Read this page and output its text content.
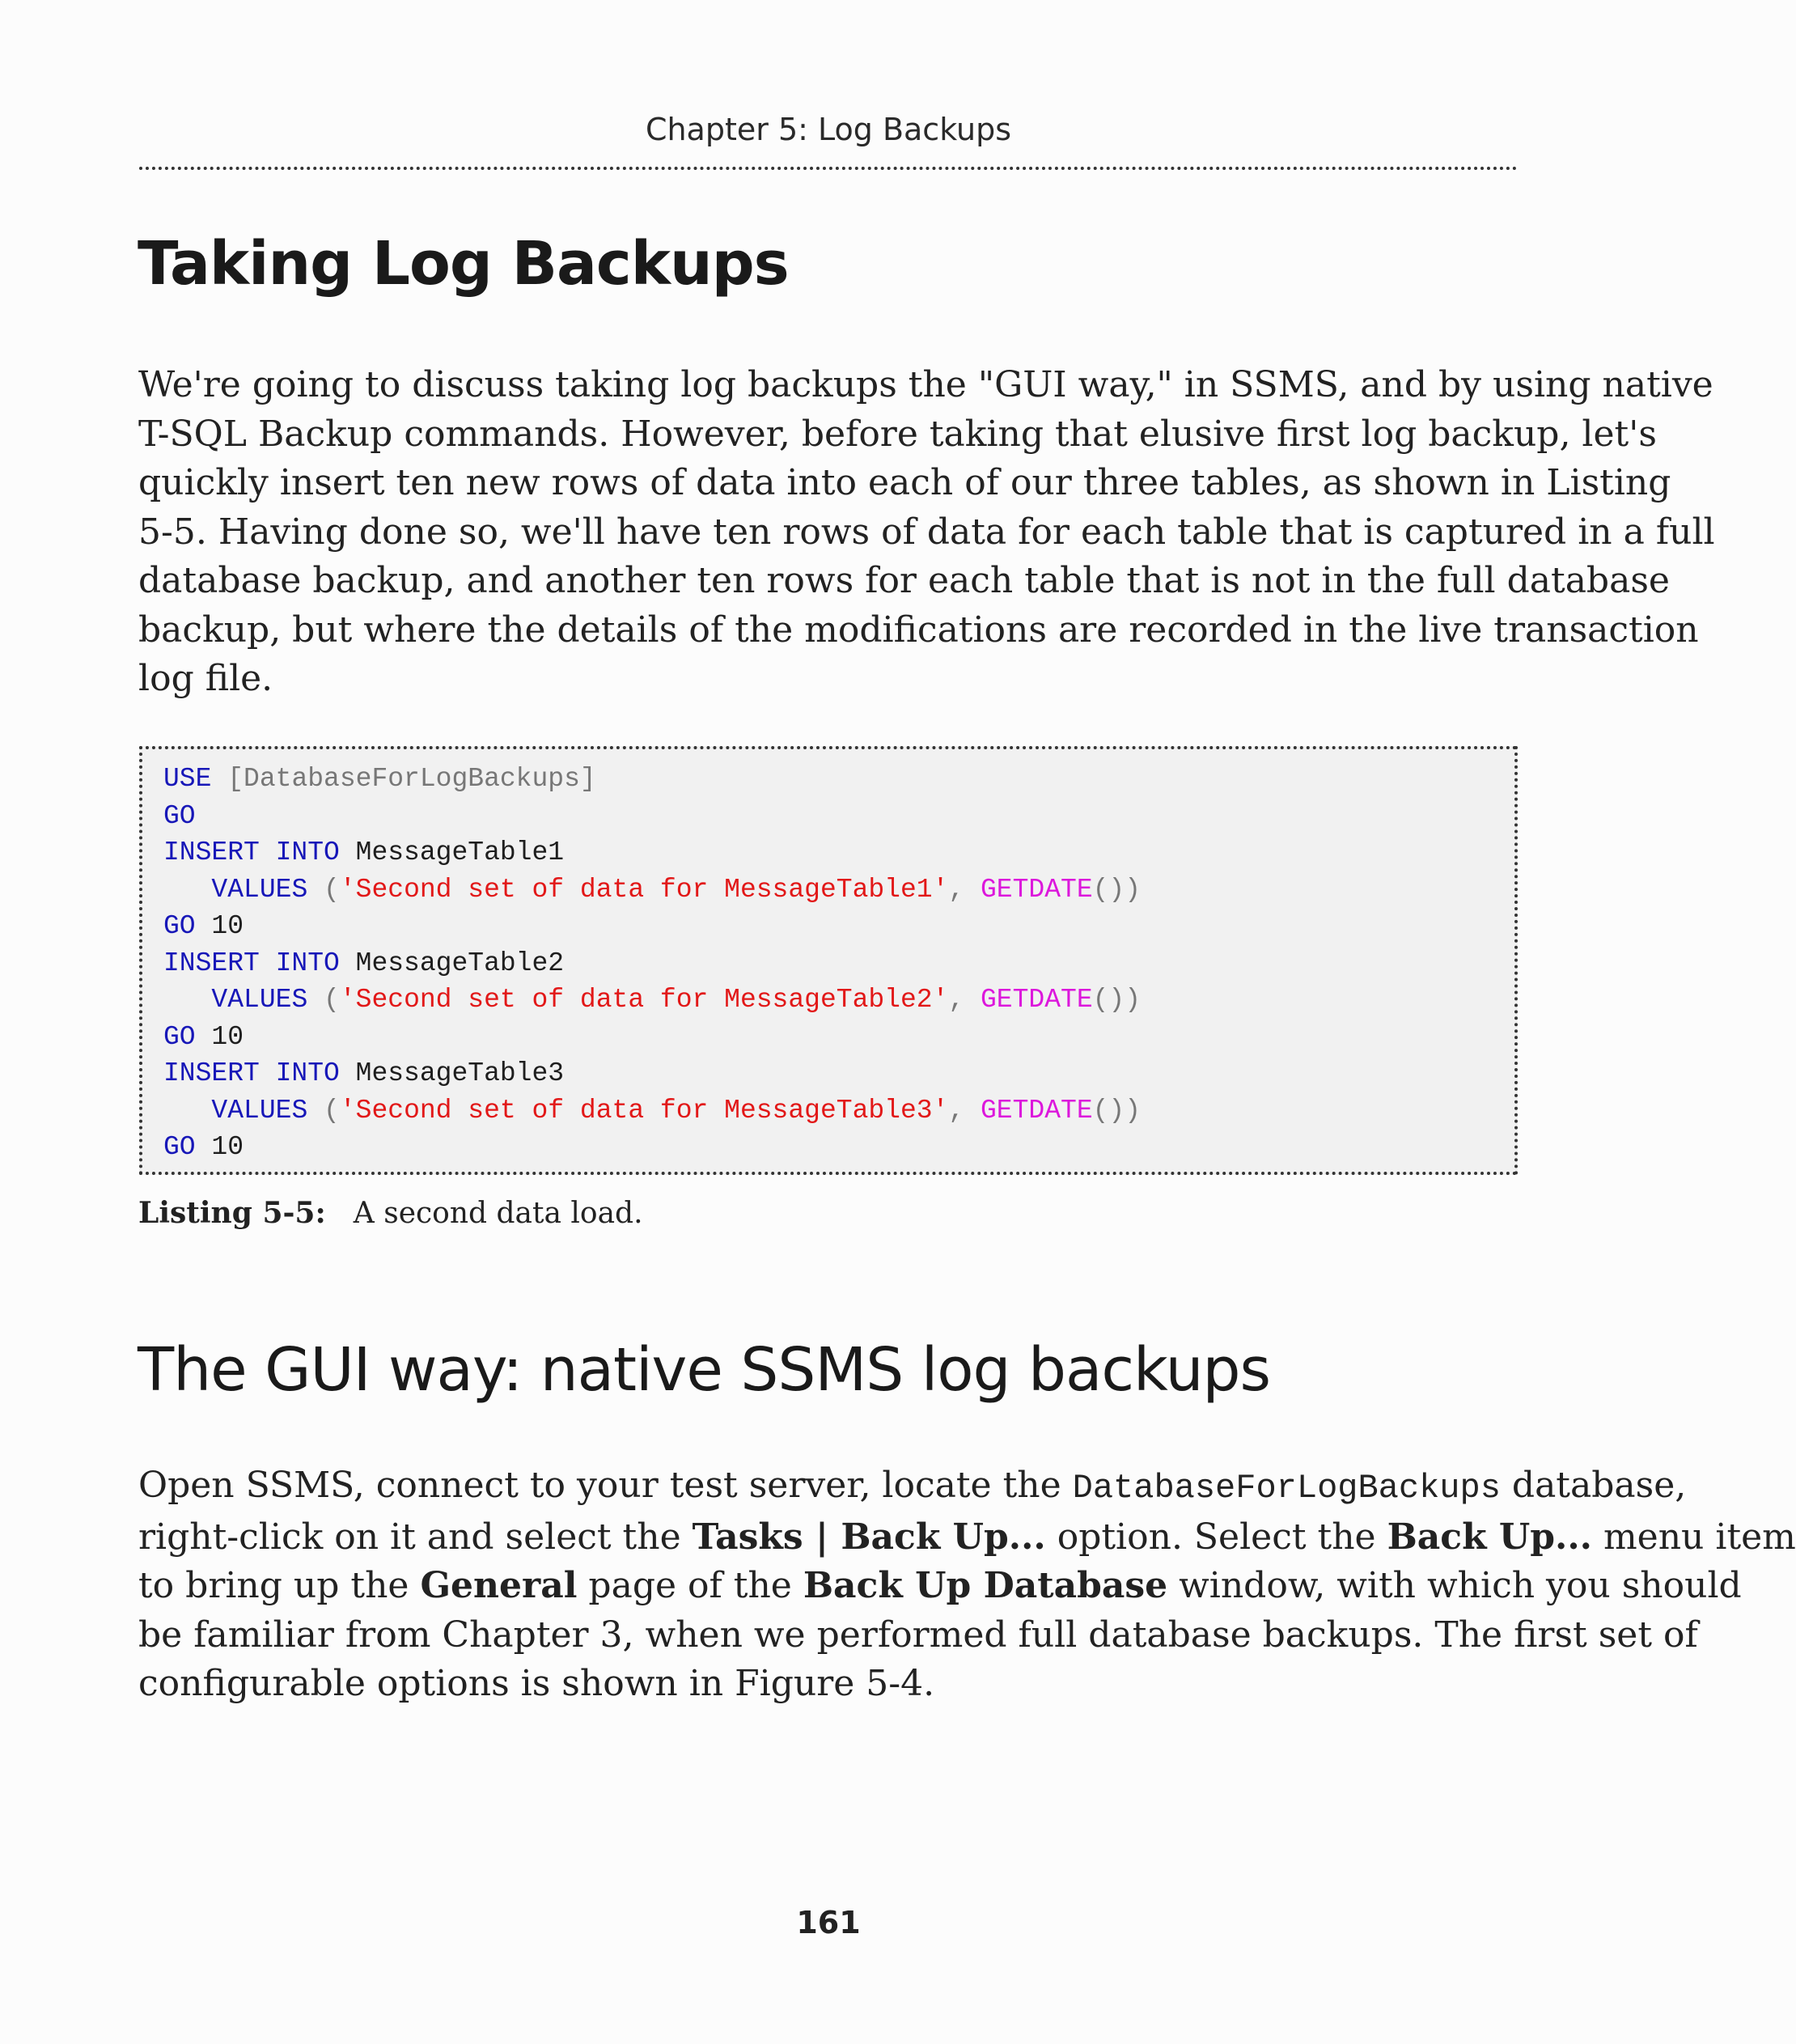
Chapter 5: Log Backups
Taking Log Backups

We're going to discuss taking log backups the "GUI way," in SSMS, and by using native
T-SQL Backup commands. However, before taking that elusive first log backup, let's
quickly insert ten new rows of data into each of our three tables, as shown in Listing
5-5. Having done so, we'll have ten rows of data for each table that is captured in a full
database backup, and another ten rows for each table that is not in the full database
backup, but where the details of the modifications are recorded in the live transaction
log file.

USE [DatabaseForLogBackups]
GO
INSERT INTO MessageTable1
VALUES ('Second set of data for MessageTable1', GETDATE())
GO 10
INSERT INTO MessageTable2
VALUES ('Second set of data for MessageTable2', GETDATE())
GO 10
INSERT INTO MessageTable3
VALUES ('Second set of data for MessageTable3', GETDATE())
GO 10
Listing 5-5: A second data load.
The GUI way: native SSMS log backups

Open SSMS, connect to your test server, locate the DatabaseForLogBackups database,
right-click on it and select the Tasks | Back Up... option. Select the Back Up... menu item
to bring up the General page of the Back Up Database window, with which you should
be familiar from Chapter 3, when we performed full database backups. The first set of
configurable options is shown in Figure 5-4.

161
